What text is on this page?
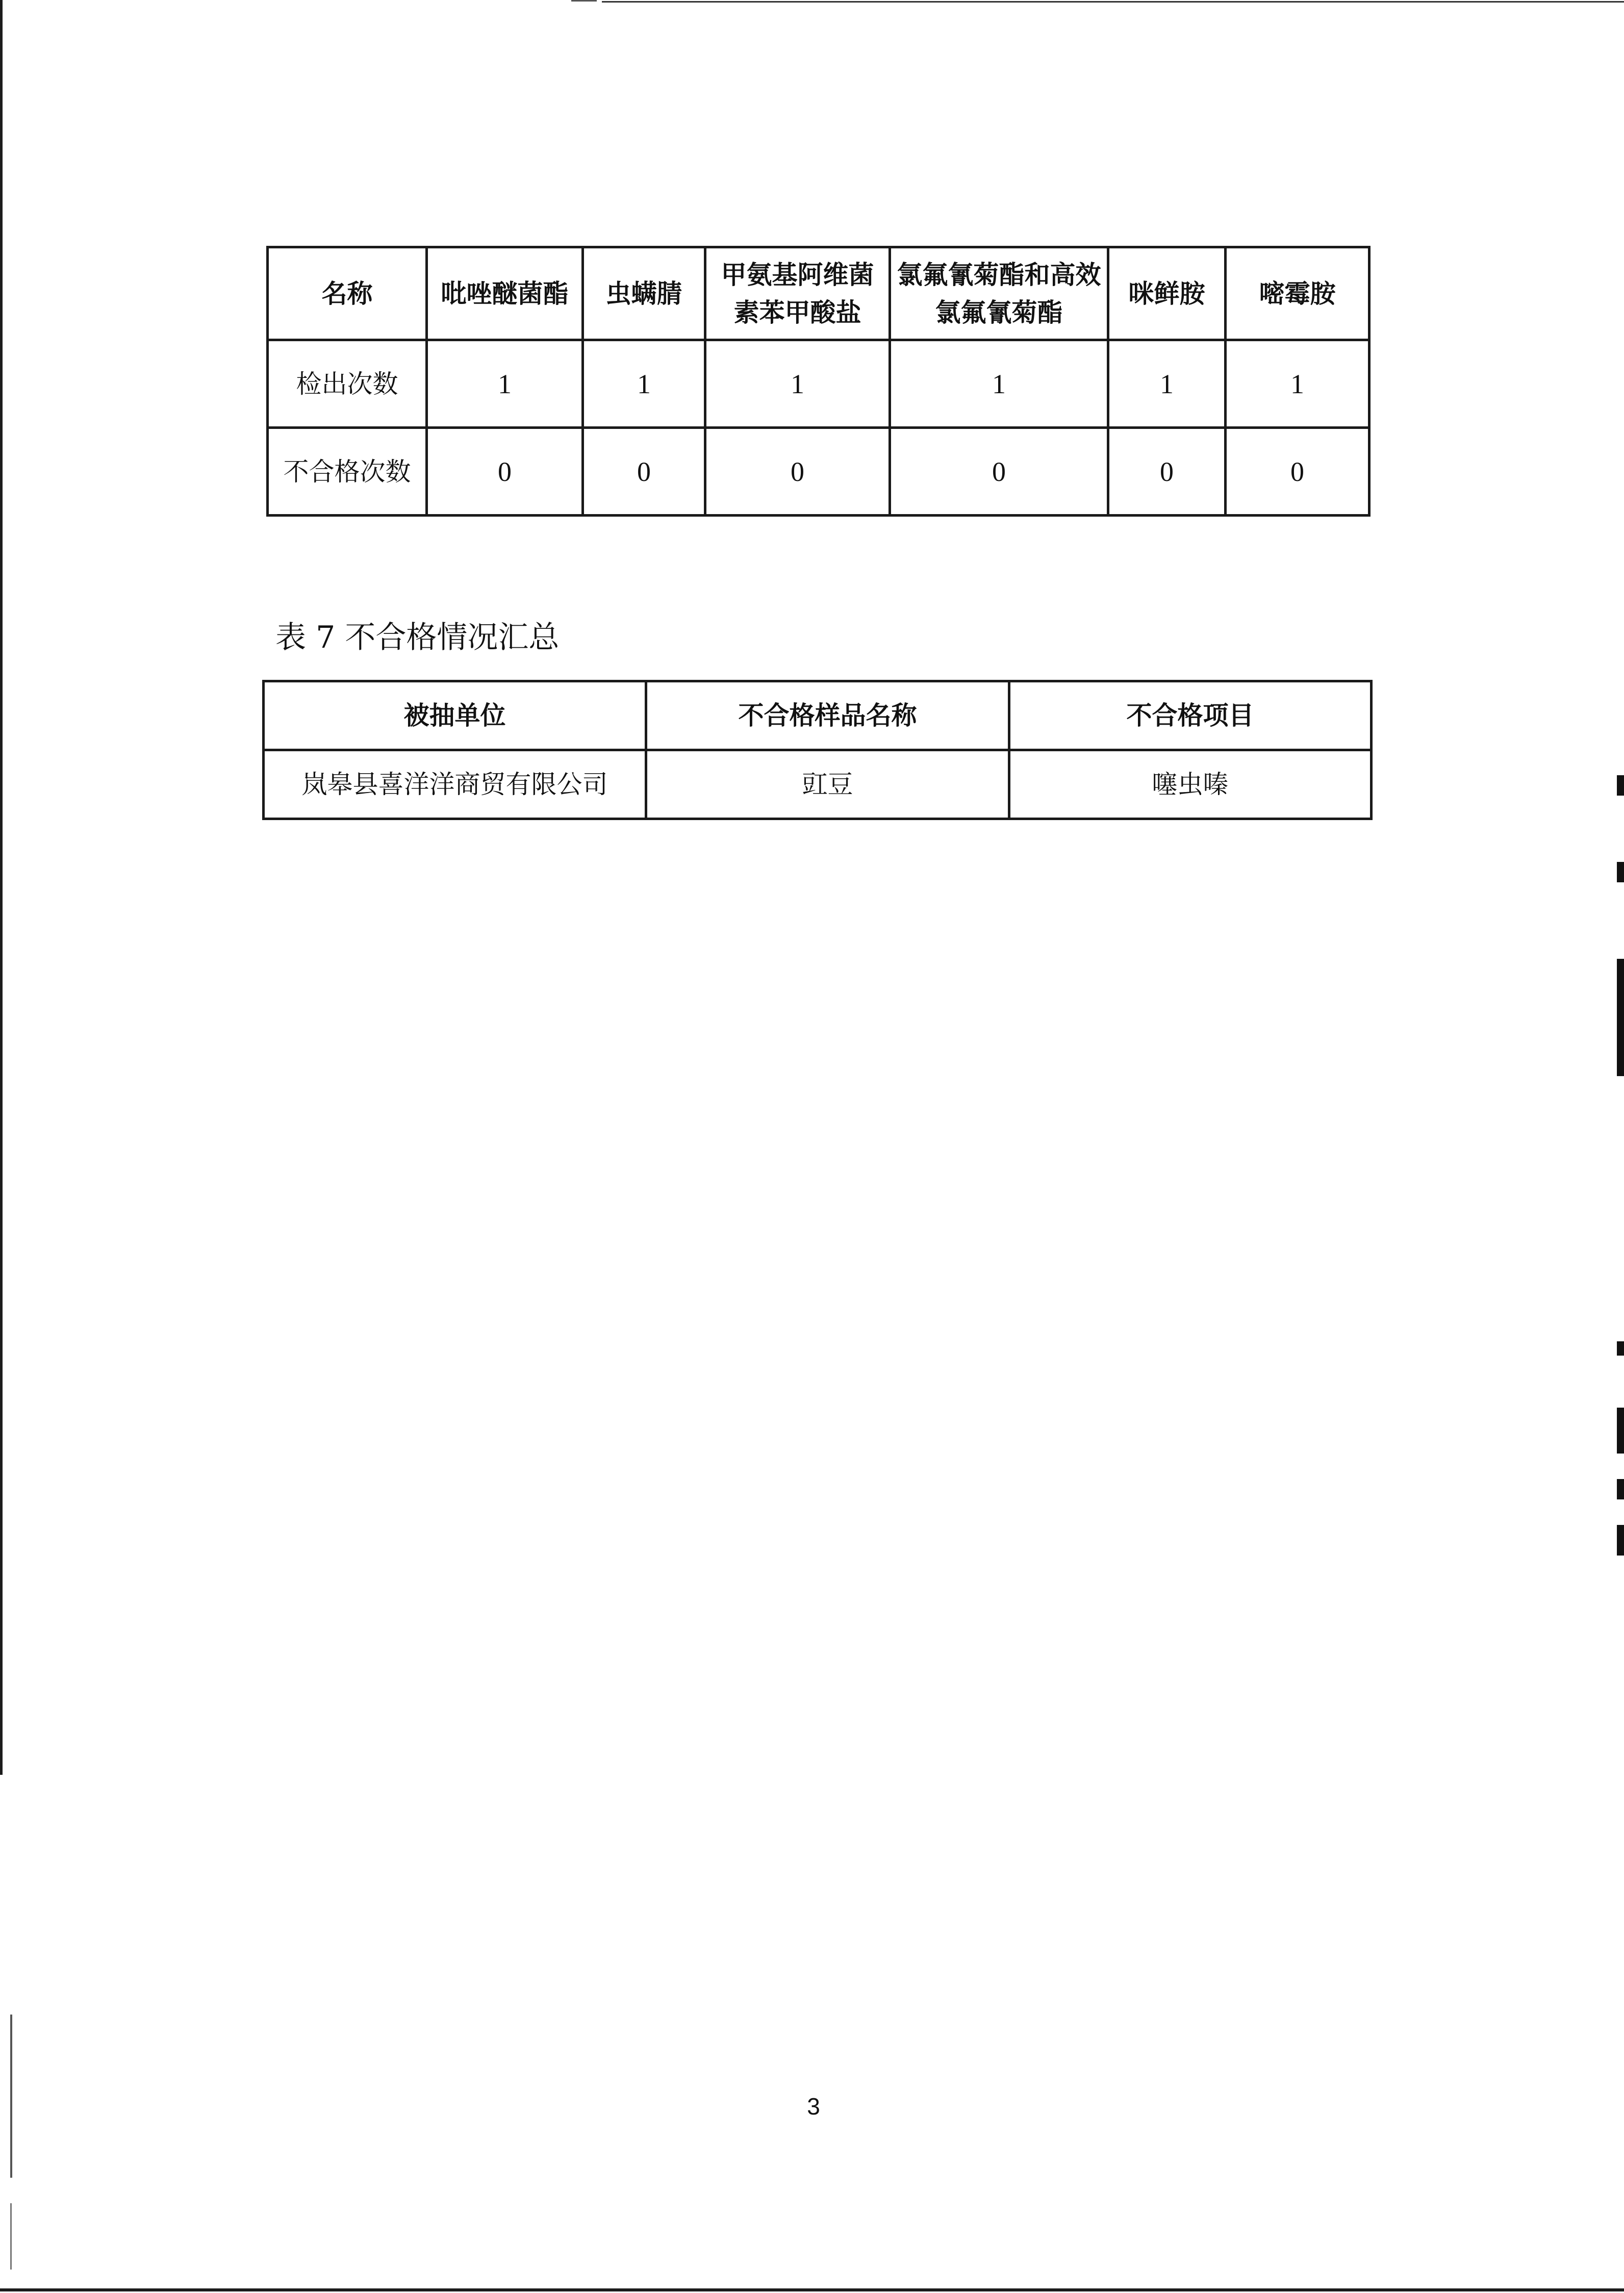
名称	吡唑醚菌酯	虫螨腈	甲氨基阿维菌素苯甲酸盐	氯氟氰菊酯和高效氯氟氰菊酯	咪鲜胺	嘧霉胺
检出次数	1	1	1	1	1	1
不合格次数	0	0	0	0	0	0
表 7 不合格情况汇总
被抽单位	不合格样品名称	不合格项目
岚皋县喜洋洋商贸有限公司	豇豆	噻虫嗪
3
